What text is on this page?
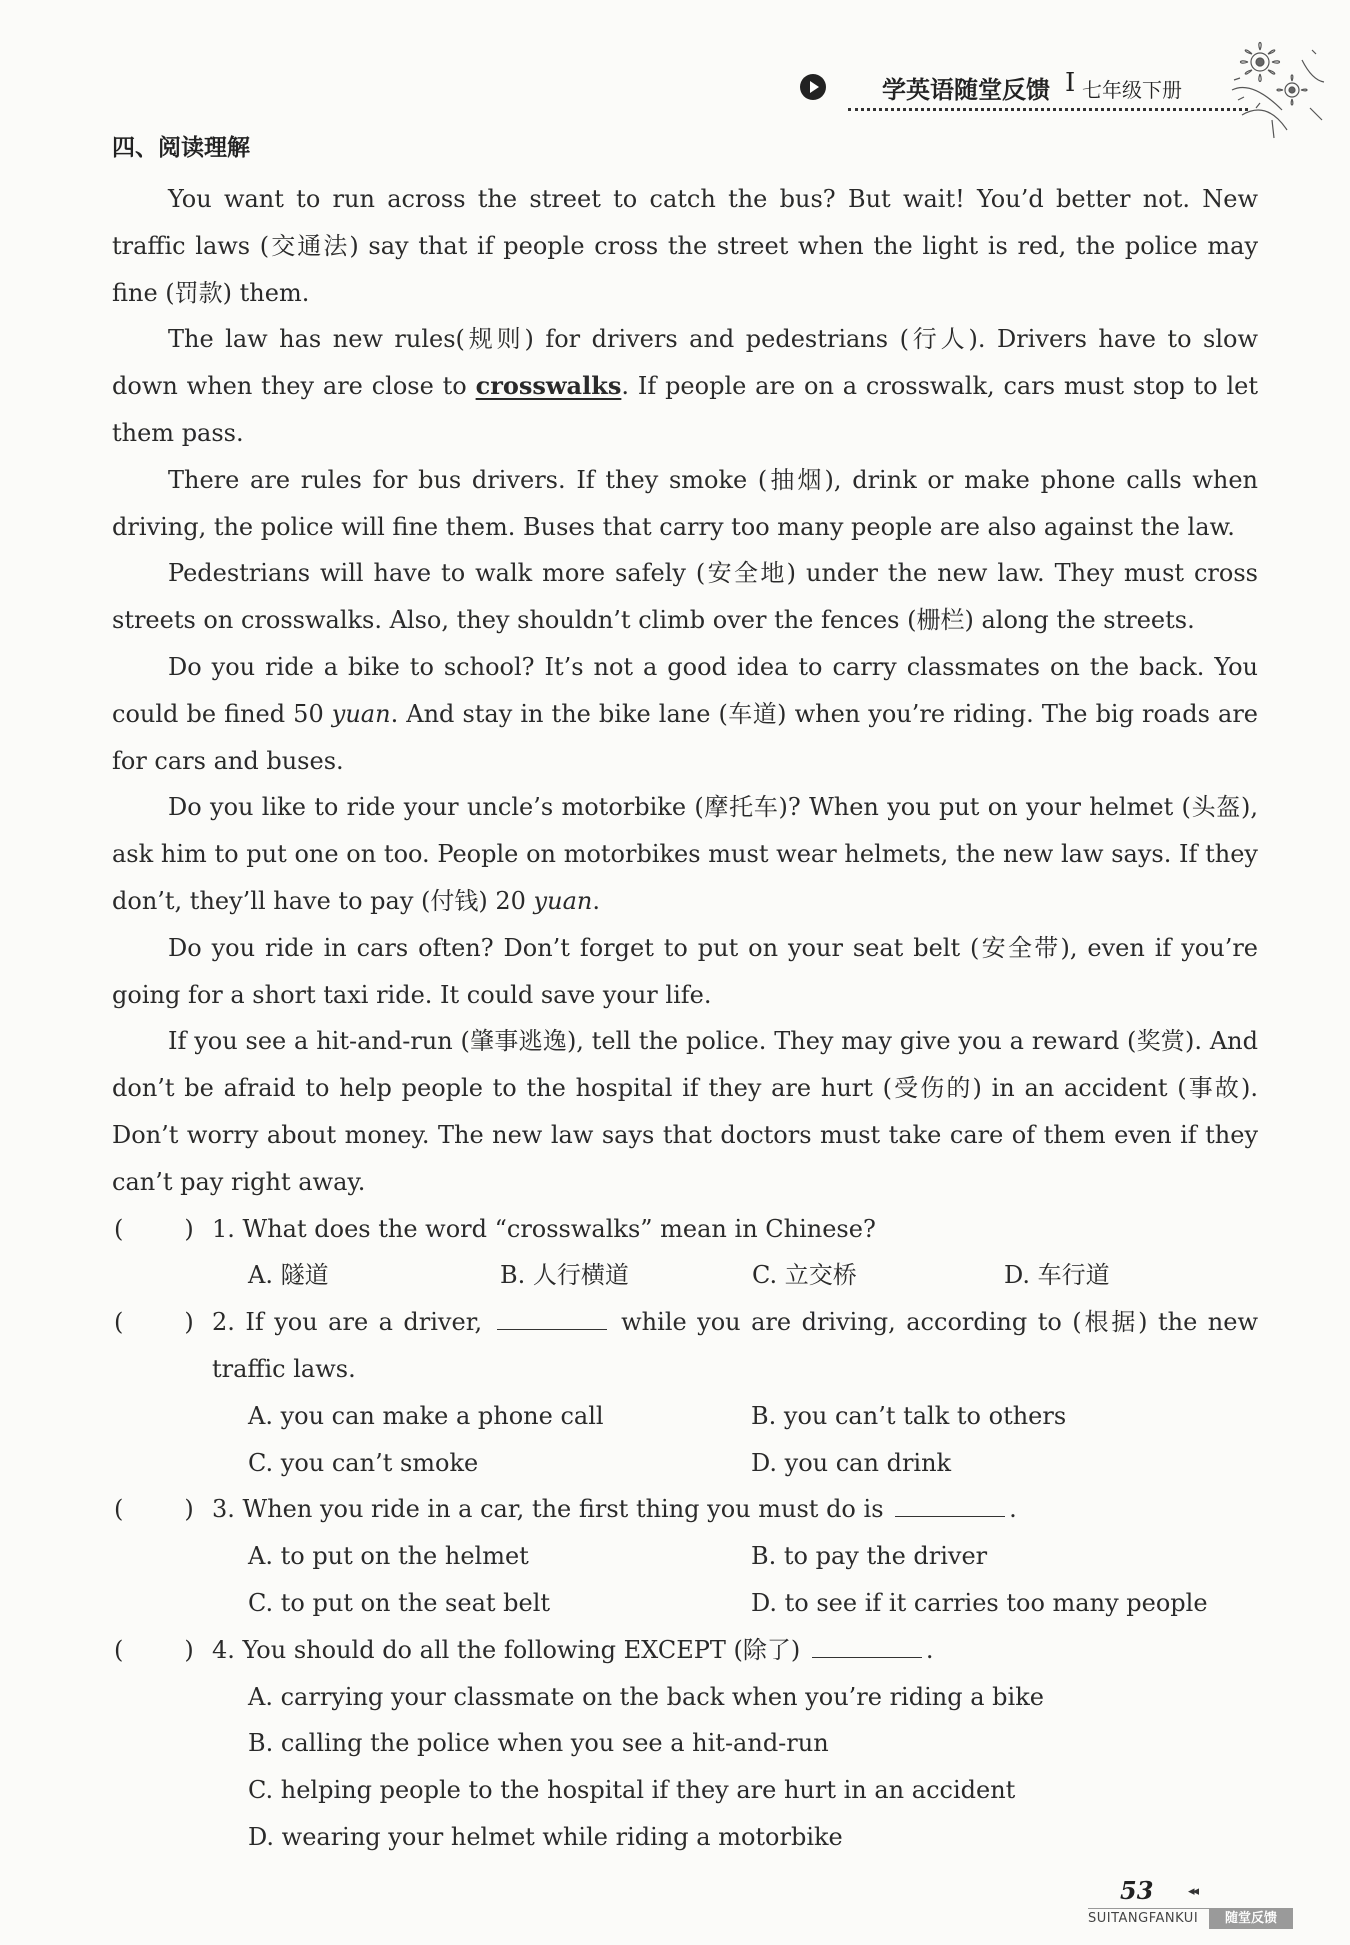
学英语随堂反馈 I 七年级下册
四、阅读理解

You want to run across the street to catch the bus? But wait! You’d better not. New traffic laws (交通法) say that if people cross the street when the light is red, the police may fine (罚款) them.

The law has new rules(规则) for drivers and pedestrians (行人). Drivers have to slow down when they are close to crosswalks. If people are on a crosswalk, cars must stop to let them pass.

There are rules for bus drivers. If they smoke (抽烟), drink or make phone calls when driving, the police will fine them. Buses that carry too many people are also against the law.

Pedestrians will have to walk more safely (安全地) under the new law. They must cross streets on crosswalks. Also, they shouldn’t climb over the fences (栅栏) along the streets.

Do you ride a bike to school? It’s not a good idea to carry classmates on the back. You could be fined 50 yuan. And stay in the bike lane (车道) when you’re riding. The big roads are for cars and buses.

Do you like to ride your uncle’s motorbike (摩托车)? When you put on your helmet (头盔), ask him to put one on too. People on motorbikes must wear helmets, the new law says. If they don’t, they’ll have to pay (付钱) 20 yuan.

Do you ride in cars often? Don’t forget to put on your seat belt (安全带), even if you’re going for a short taxi ride. It could save your life.

If you see a hit-and-run (肇事逃逸), tell the police. They may give you a reward (奖赏). And don’t be afraid to help people to the hospital if they are hurt (受伤的) in an accident (事故). Don’t worry about money. The new law says that doctors must take care of them even if they can’t pay right away.

(        ) 1. What does the word “crosswalks” mean in Chinese?
A. 隧道	B. 人行横道	C. 立交桥	D. 车行道
(        ) 2. If you are a driver,	while you are driving, according to (根据) the new traffic laws.
A. you can make a phone call	B. you can’t talk to others
C. you can’t smoke	D. you can drink
(        ) 3. When you ride in a car, the first thing you must do is	.
A. to put on the helmet	B. to pay the driver
C. to put on the seat belt	D. to see if it carries too many people
(        ) 4. You should do all the following EXCEPT (除了)	.
A. carrying your classmate on the back when you’re riding a bike
B. calling the police when you see a hit-and-run
C. helping people to the hospital if they are hurt in an accident
D. wearing your helmet while riding a motorbike
53	◂◂
SUITANGFANKUI	随堂反馈
